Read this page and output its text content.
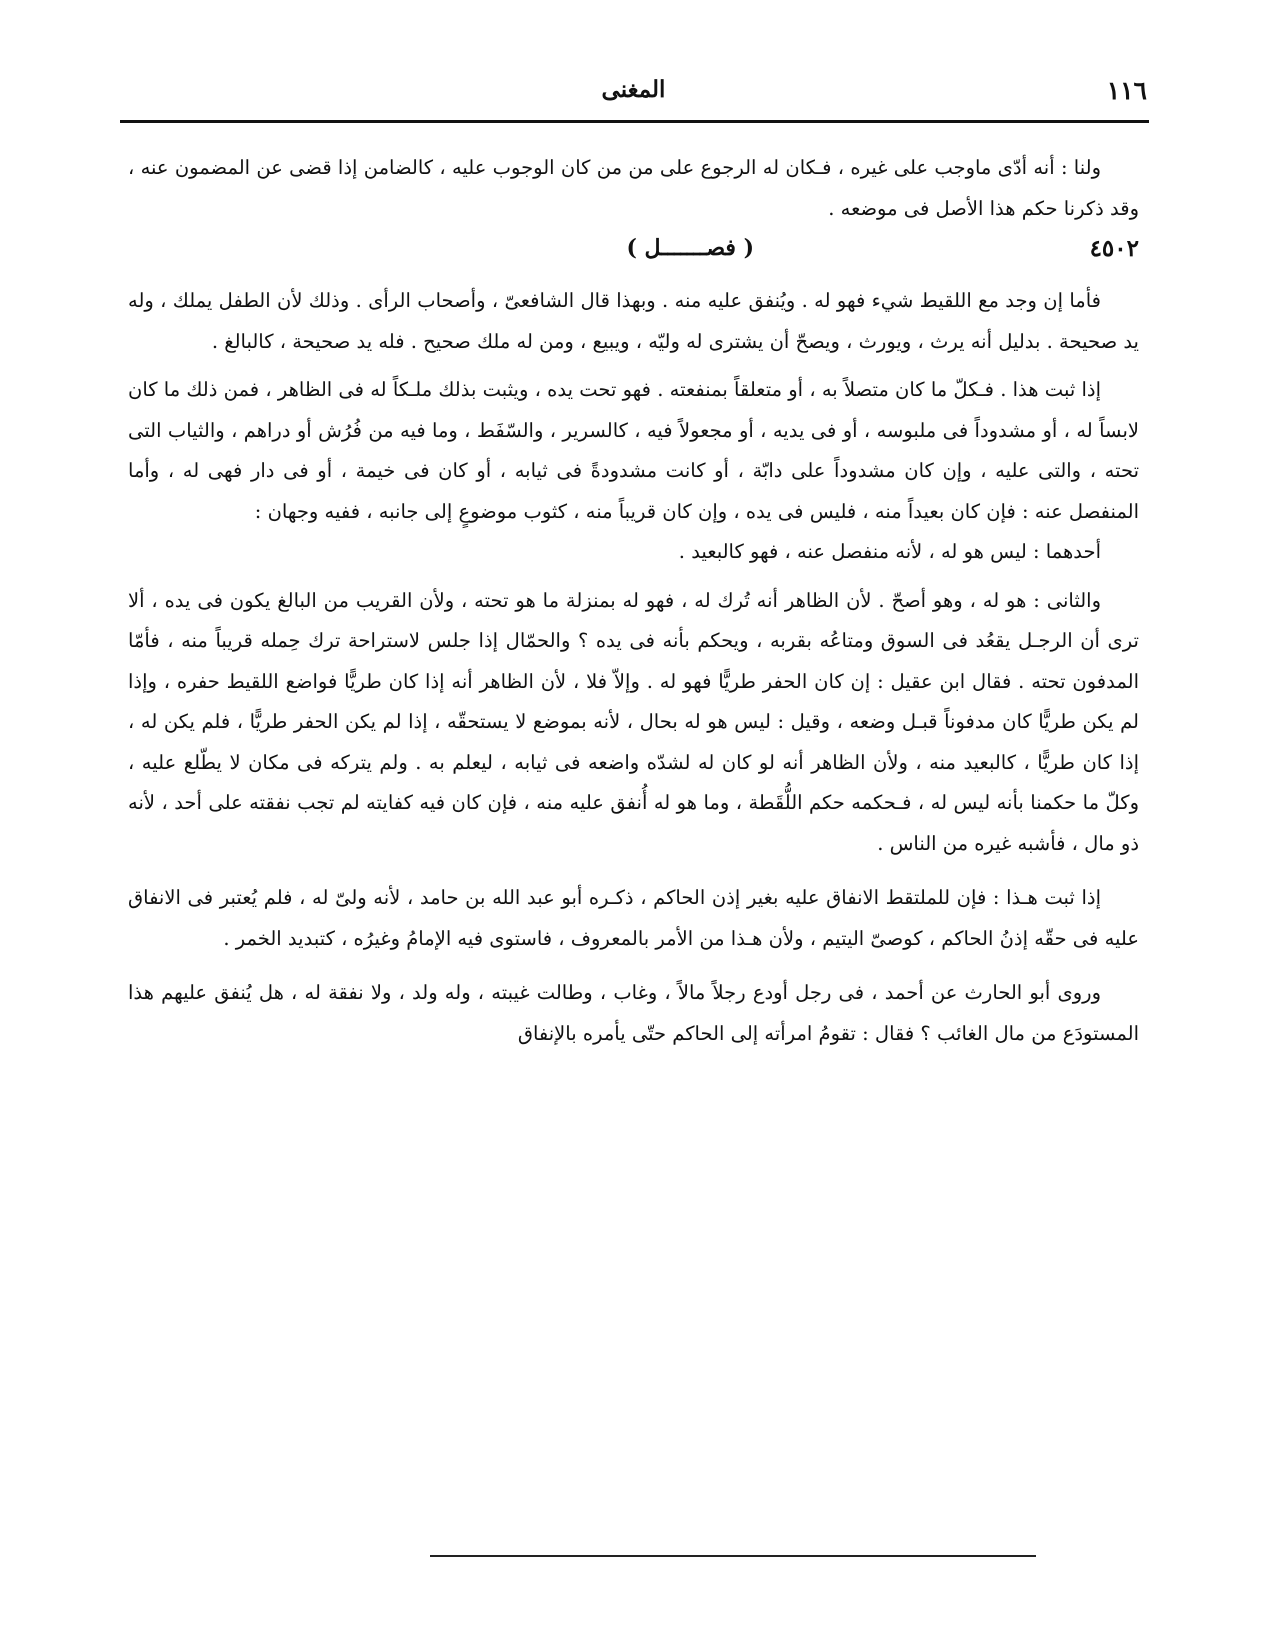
١١٦
المغنى

ولنا : أنه أدّى ماوجب على غيره ، فـكان له الرجوع على من من كان الوجوب عليه ، كالضامن إذا قضى عن المضمون عنه ، وقد ذكرنا حكم هذا الأصل فى موضعه .

٤٥٠٢
( فصـــــــل )

فأما إن وجد مع اللقيط شيء فهو له . ويُنفق عليه منه . وبهذا قال الشافعىّ ، وأصحاب الرأى . وذلك لأن الطفل يملك ، وله يد صحيحة . بدليل أنه يرث ، ويورث ، ويصحّ أن يشترى له وليّه ، ويبيع ، ومن له ملك صحيح . فله يد صحيحة ، كالبالغ .

إذا ثبت هذا . فـكلّ ما كان متصلاً به ، أو متعلقاً بمنفعته . فهو تحت يده ، ويثبت بذلك ملـكاً له فى الظاهر ، فمن ذلك ما كان لابساً له ، أو مشدوداً فى ملبوسه ، أو فى يديه ، أو مجعولاً فيه ، كالسرير ، والسّفَط ، وما فيه من فُرُش أو دراهم ، والثياب التى تحته ، والتى عليه ، وإن كان مشدوداً على دابّة ، أو كانت مشدودةً فى ثيابه ، أو كان فى خيمة ، أو فى دار فهى له ، وأما المنفصل عنه : فإن كان بعيداً منه ، فليس فى يده ، وإن كان قريباً منه ، كثوب موضوعٍ إلى جانبه ، ففيه وجهان :

أحدهما : ليس هو له ، لأنه منفصل عنه ، فهو كالبعيد .

والثانى : هو له ، وهو أصحّ . لأن الظاهر أنه تُرك له ، فهو له بمنزلة ما هو تحته ، ولأن القريب من البالغ يكون فى يده ، ألا ترى أن الرجـل يقعُد فى السوق ومتاعُه بقربه ، ويحكم بأنه فى يده ؟ والحمّال إذا جلس لاستراحة ترك حِمله قريباً منه ، فأمّا المدفون تحته . فقال ابن عقيل : إن كان الحفر طريًّا فهو له . وإلاّ فلا ، لأن الظاهر أنه إذا كان طريًّا فواضع اللقيط حفره ، وإذا لم يكن طريًّا كان مدفوناً قبـل وضعه ، وقيل : ليس هو له بحال ، لأنه بموضع لا يستحقّه ، إذا لم يكن الحفر طريًّا ، فلم يكن له ، إذا كان طريًّا ، كالبعيد منه ، ولأن الظاهر أنه لو كان له لشدّه واضعه فى ثيابه ، ليعلم به . ولم يتركه فى مكان لا يطّلع عليه ، وكلّ ما حكمنا بأنه ليس له ، فـحكمه حكم اللُّقَطة ، وما هو له أُنفق عليه منه ، فإن كان فيه كفايته لم تجب نفقته على أحد ، لأنه ذو مال ، فأشبه غيره من الناس .

إذا ثبت هـذا : فإن للملتقط الانفاق عليه بغير إذن الحاكم ، ذكـره أبو عبد الله بن حامد ، لأنه ولىّ له ، فلم يُعتبر فى الانفاق عليه فى حقّه إذنُ الحاكم ، كوصىّ اليتيم ، ولأن هـذا من الأمر بالمعروف ، فاستوى فيه الإمامُ وغيرُه ، كتبديد الخمر .

وروى أبو الحارث عن أحمد ، فى رجل أودع رجلاً مالاً ، وغاب ، وطالت غيبته ، وله ولد ، ولا نفقة له ، هل يُنفق عليهم هذا المستودَع من مال الغائب ؟ فقال : تقومُ امرأته إلى الحاكم حتّى يأمره بالإنفاق
